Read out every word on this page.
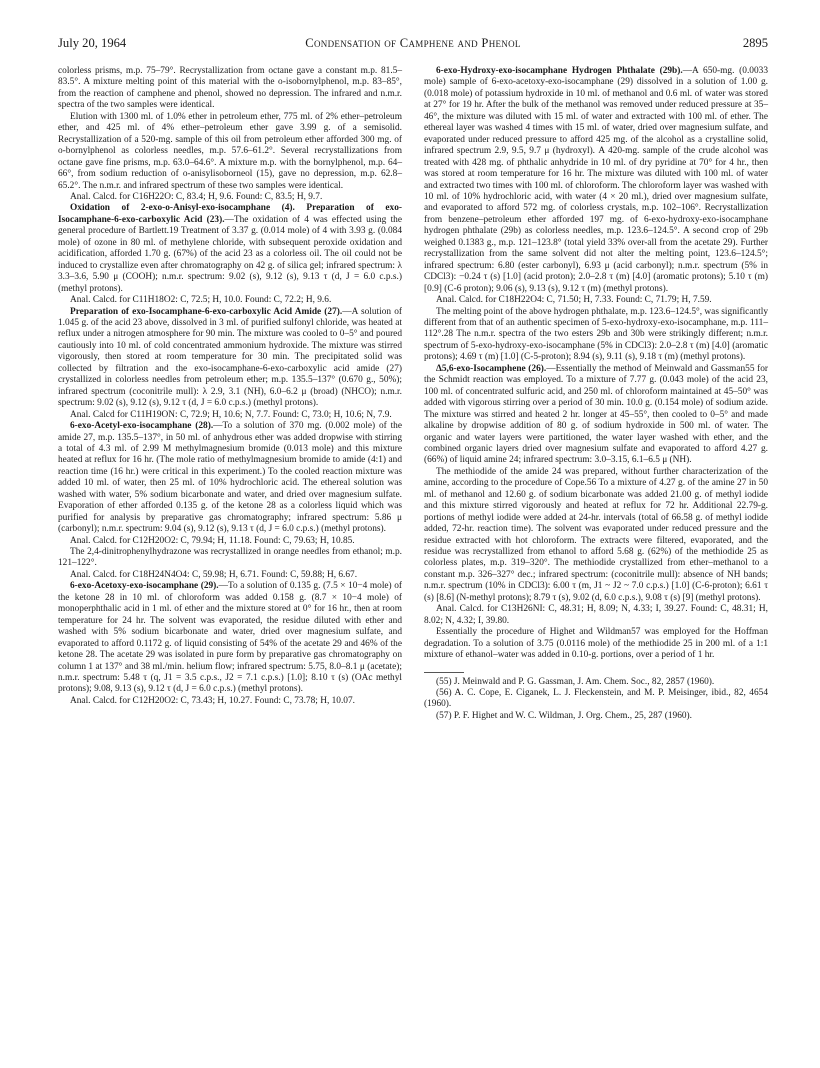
July 20, 1964	Condensation of Camphene and Phenol	2895

colorless prisms, m.p. 75–79°. Recrystallization from octane gave a constant m.p. 81.5–83.5°. A mixture melting point of this material with the o-isobornylphenol, m.p. 83–85°, from the reaction of camphene and phenol, showed no depression. The infrared and n.m.r. spectra of the two samples were identical.

Elution with 1300 ml. of 1.0% ether in petroleum ether, 775 ml. of 2% ether–petroleum ether, and 425 ml. of 4% ether–petroleum ether gave 3.99 g. of a semisolid. Recrystallization of a 520-mg. sample of this oil from petroleum ether afforded 300 mg. of o-bornylphenol as colorless needles, m.p. 57.6–61.2°. Several recrystallizations from octane gave fine prisms, m.p. 63.0–64.6°. A mixture m.p. with the bornylphenol, m.p. 64–66°, from sodium reduction of o-anisylisoborneol (15), gave no depression, m.p. 62.8–65.2°. The n.m.r. and infrared spectrum of these two samples were identical.

Anal. Calcd. for C16H22O: C, 83.4; H, 9.6. Found: C, 83.5; H, 9.7.

Oxidation of 2-exo-o-Anisyl-exo-isocamphane (4). Preparation of exo-Isocamphane-6-exo-carboxylic Acid (23).—The oxidation of 4 was effected using the general procedure of Bartlett.19 Treatment of 3.37 g. (0.014 mole) of 4 with 3.93 g. (0.084 mole) of ozone in 80 ml. of methylene chloride, with subsequent peroxide oxidation and acidification, afforded 1.70 g. (67%) of the acid 23 as a colorless oil. The oil could not be induced to crystallize even after chromatography on 42 g. of silica gel; infrared spectrum: λ 3.3–3.6, 5.90 μ (COOH); n.m.r. spectrum: 9.02 (s), 9.12 (s), 9.13 τ (d, J = 6.0 c.p.s.) (methyl protons).

Anal. Calcd. for C11H18O2: C, 72.5; H, 10.0. Found: C, 72.2; H, 9.6.

Preparation of exo-Isocamphane-6-exo-carboxylic Acid Amide (27).—A solution of 1.045 g. of the acid 23 above, dissolved in 3 ml. of purified sulfonyl chloride, was heated at reflux under a nitrogen atmosphere for 90 min. The mixture was cooled to 0–5° and poured cautiously into 10 ml. of cold concentrated ammonium hydroxide. The mixture was stirred vigorously, then stored at room temperature for 30 min. The precipitated solid was collected by filtration and the exo-isocamphane-6-exo-carboxylic acid amide (27) crystallized in colorless needles from petroleum ether; m.p. 135.5–137° (0.670 g., 50%); infrared spectrum (coconitrile mull): λ 2.9, 3.1 (NH), 6.0–6.2 μ (broad) (NHCO); n.m.r. spectrum: 9.02 (s), 9.12 (s), 9.12 τ (d, J = 6.0 c.p.s.) (methyl protons).

Anal. Calcd for C11H19ON: C, 72.9; H, 10.6; N, 7.7. Found: C, 73.0; H, 10.6; N, 7.9.

6-exo-Acetyl-exo-isocamphane (28).—To a solution of 370 mg. (0.002 mole) of the amide 27, m.p. 135.5–137°, in 50 ml. of anhydrous ether was added dropwise with stirring a total of 4.3 ml. of 2.99 M methylmagnesium bromide (0.013 mole) and this mixture heated at reflux for 16 hr. (The mole ratio of methylmagnesium bromide to amide (4:1) and reaction time (16 hr.) were critical in this experiment.) To the cooled reaction mixture was added 10 ml. of water, then 25 ml. of 10% hydrochloric acid. The ethereal solution was washed with water, 5% sodium bicarbonate and water, and dried over magnesium sulfate. Evaporation of ether afforded 0.135 g. of the ketone 28 as a colorless liquid which was purified for analysis by preparative gas chromatography; infrared spectrum: 5.86 μ (carbonyl); n.m.r. spectrum: 9.04 (s), 9.12 (s), 9.13 τ (d, J = 6.0 c.p.s.) (methyl protons).

Anal. Calcd. for C12H20O2: C, 79.94; H, 11.18. Found: C, 79.63; H, 10.85.

The 2,4-dinitrophenylhydrazone was recrystallized in orange needles from ethanol; m.p. 121–122°.

Anal. Calcd. for C18H24N4O4: C, 59.98; H, 6.71. Found: C, 59.88; H, 6.67.

6-exo-Acetoxy-exo-isocamphane (29).—To a solution of 0.135 g. (7.5 × 10−4 mole) of the ketone 28 in 10 ml. of chloroform was added 0.158 g. (8.7 × 10−4 mole) of monoperphthalic acid in 1 ml. of ether and the mixture stored at 0° for 16 hr., then at room temperature for 24 hr. The solvent was evaporated, the residue diluted with ether and washed with 5% sodium bicarbonate and water, dried over magnesium sulfate, and evaporated to afford 0.1172 g. of liquid consisting of 54% of the acetate 29 and 46% of the ketone 28. The acetate 29 was isolated in pure form by preparative gas chromatography on column 1 at 137° and 38 ml./min. helium flow; infrared spectrum: 5.75, 8.0–8.1 μ (acetate); n.m.r. spectrum: 5.48 τ (q, J1 = 3.5 c.p.s., J2 = 7.1 c.p.s.) [1.0]; 8.10 τ (s) (OAc methyl protons); 9.08, 9.13 (s), 9.12 τ (d, J = 6.0 c.p.s.) (methyl protons).

Anal. Calcd. for C12H20O2: C, 73.43; H, 10.27. Found: C, 73.78; H, 10.07.

6-exo-Hydroxy-exo-isocamphane Hydrogen Phthalate (29b).—A 650-mg. (0.0033 mole) sample of 6-exo-acetoxy-exo-isocamphane (29) dissolved in a solution of 1.00 g. (0.018 mole) of potassium hydroxide in 10 ml. of methanol and 0.6 ml. of water was stored at 27° for 19 hr. After the bulk of the methanol was removed under reduced pressure at 35–46°, the mixture was diluted with 15 ml. of water and extracted with 100 ml. of ether. The ethereal layer was washed 4 times with 15 ml. of water, dried over magnesium sulfate, and evaporated under reduced pressure to afford 425 mg. of the alcohol as a crystalline solid, infrared spectrum 2.9, 9.5, 9.7 μ (hydroxyl). A 420-mg. sample of the crude alcohol was treated with 428 mg. of phthalic anhydride in 10 ml. of dry pyridine at 70° for 4 hr., then was stored at room temperature for 16 hr. The mixture was diluted with 100 ml. of water and extracted two times with 100 ml. of chloroform. The chloroform layer was washed with 10 ml. of 10% hydrochloric acid, with water (4 × 20 ml.), dried over magnesium sulfate, and evaporated to afford 572 mg. of colorless crystals, m.p. 102–106°. Recrystallization from benzene–petroleum ether afforded 197 mg. of 6-exo-hydroxy-exo-isocamphane hydrogen phthalate (29b) as colorless needles, m.p. 123.6–124.5°. A second crop of 29b weighed 0.1383 g., m.p. 121–123.8° (total yield 33% over-all from the acetate 29). Further recrystallization from the same solvent did not alter the melting point, 123.6–124.5°; infrared spectrum: 6.80 (ester carbonyl), 6.93 μ (acid carbonyl); n.m.r. spectrum (5% in CDCl3): −0.24 τ (s) [1.0] (acid proton); 2.0–2.8 τ (m) [4.0] (aromatic protons); 5.10 τ (m) [0.9] (C-6 proton); 9.06 (s), 9.13 (s), 9.12 τ (m) (methyl protons).

Anal. Calcd. for C18H22O4: C, 71.50; H, 7.33. Found: C, 71.79; H, 7.59.

The melting point of the above hydrogen phthalate, m.p. 123.6–124.5°, was significantly different from that of an authentic specimen of 5-exo-hydroxy-exo-isocamphane, m.p. 111–112°.28 The n.m.r. spectra of the two esters 29b and 30b were strikingly different; n.m.r. spectrum of 5-exo-hydroxy-exo-isocamphane (5% in CDCl3): 2.0–2.8 τ (m) [4.0] (aromatic protons); 4.69 τ (m) [1.0] (C-5-proton); 8.94 (s), 9.11 (s), 9.18 τ (m) (methyl protons).

Δ5,6-exo-Isocamphene (26).—Essentially the method of Meinwald and Gassman55 for the Schmidt reaction was employed. To a mixture of 7.77 g. (0.043 mole) of the acid 23, 100 ml. of concentrated sulfuric acid, and 250 ml. of chloroform maintained at 45–50° was added with vigorous stirring over a period of 30 min. 10.0 g. (0.154 mole) of sodium azide. The mixture was stirred and heated 2 hr. longer at 45–55°, then cooled to 0–5° and made alkaline by dropwise addition of 80 g. of sodium hydroxide in 500 ml. of water. The organic and water layers were partitioned, the water layer washed with ether, and the combined organic layers dried over magnesium sulfate and evaporated to afford 4.27 g. (66%) of liquid amine 24; infrared spectrum: 3.0–3.15, 6.1–6.5 μ (NH).

The methiodide of the amide 24 was prepared, without further characterization of the amine, according to the procedure of Cope.56 To a mixture of 4.27 g. of the amine 27 in 50 ml. of methanol and 12.60 g. of sodium bicarbonate was added 21.00 g. of methyl iodide and this mixture stirred vigorously and heated at reflux for 72 hr. Additional 22.79-g. portions of methyl iodide were added at 24-hr. intervals (total of 66.58 g. of methyl iodide added, 72-hr. reaction time). The solvent was evaporated under reduced pressure and the residue extracted with hot chloroform. The extracts were filtered, evaporated, and the residue was recrystallized from ethanol to afford 5.68 g. (62%) of the methiodide 25 as colorless plates, m.p. 319–320°. The methiodide crystallized from ether–methanol to a constant m.p. 326–327° dec.; infrared spectrum: (coconitrile mull): absence of NH bands; n.m.r. spectrum (10% in CDCl3): 6.00 τ (m, J1 ~ J2 ~ 7.0 c.p.s.) [1.0] (C-6-proton); 6.61 τ (s) [8.6] (N-methyl protons); 8.79 τ (s), 9.02 (d, 6.0 c.p.s.), 9.08 τ (s) [9] (methyl protons).

Anal. Calcd. for C13H26NI: C, 48.31; H, 8.09; N, 4.33; I, 39.27. Found: C, 48.31; H, 8.02; N, 4.32; I, 39.80.

Essentially the procedure of Highet and Wildman57 was employed for the Hoffman degradation. To a solution of 3.75 (0.0116 mole) of the methiodide 25 in 200 ml. of a 1:1 mixture of ethanol–water was added in 0.10-g. portions, over a period of 1 hr.

(55) J. Meinwald and P. G. Gassman, J. Am. Chem. Soc., 82, 2857 (1960).

(56) A. C. Cope, E. Ciganek, L. J. Fleckenstein, and M. P. Meisinger, ibid., 82, 4654 (1960).

(57) P. F. Highet and W. C. Wildman, J. Org. Chem., 25, 287 (1960).
